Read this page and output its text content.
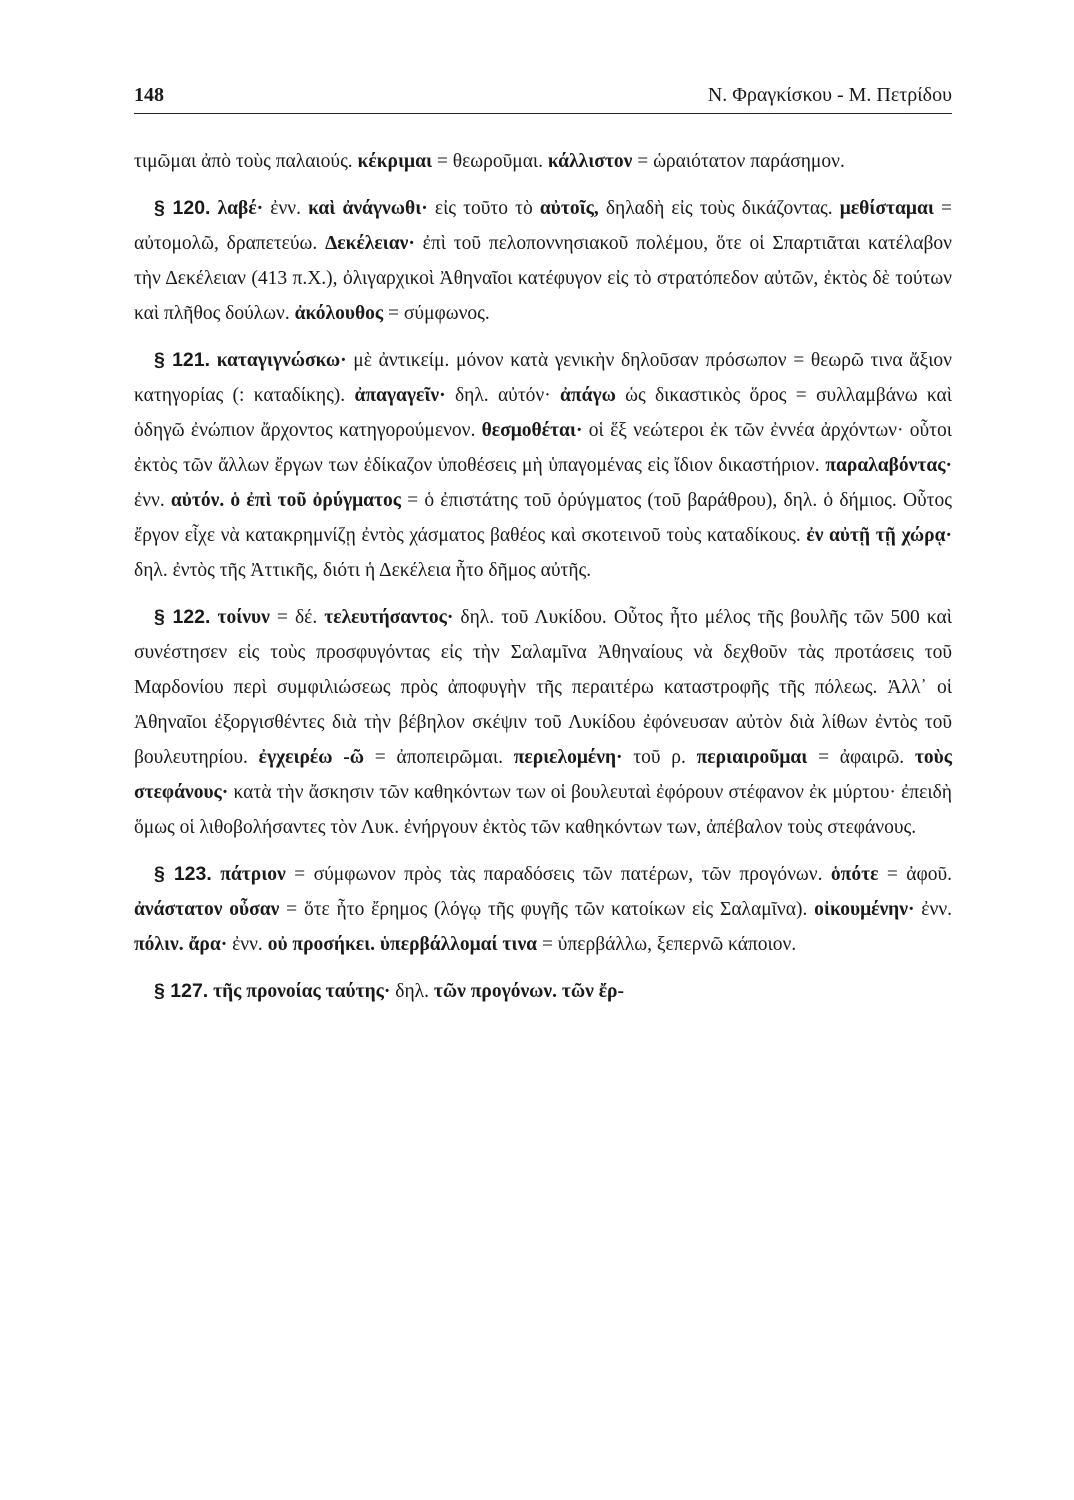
148	Ν. Φραγκίσκου - Μ. Πετρίδου

τιμῶμαι ἀπὸ τοὺς παλαιούς. κέκριμαι = θεωροῦμαι. κάλλιστον = ὡραιότατον παράσημον.

§ 120. λαβέ· ἐνν. καὶ ἀνάγνωθι· εἰς τοῦτο τὸ αὐτοῖς, δηλαδὴ εἰς τοὺς δικάζοντας. μεθίσταμαι = αὐτομολῶ, δραπετεύω. Δεκέλειαν· ἐπὶ τοῦ πελοποννησιακοῦ πολέμου, ὅτε οἱ Σπαρτιᾶται κατέλαβον τὴν Δεκέλειαν (413 π.Χ.), ὀλιγαρχικοὶ Ἀθηναῖοι κατέφυγον εἰς τὸ στρατόπεδον αὐτῶν, ἐκτὸς δὲ τούτων καὶ πλῆθος δούλων. ἀκόλουθος = σύμφωνος.

§ 121. καταγιγνώσκω· μὲ ἀντικείμ. μόνον κατὰ γενικὴν δηλοῦσαν πρόσωπον = θεωρῶ τινα ἄξιον κατηγορίας (: καταδίκης). ἀπαγαγεῖν· δηλ. αὐτόν· ἀπάγω ὡς δικαστικὸς ὅρος = συλλαμβάνω καὶ ὁδηγῶ ἐνώπιον ἄρχοντος κατηγορούμενον. θεσμοθέται· οἱ ἕξ νεώτεροι ἐκ τῶν ἐννέα ἀρχόντων· οὗτοι ἐκτὸς τῶν ἄλλων ἔργων των ἐδίκαζον ὑποθέσεις μὴ ὑπαγομένας εἰς ἴδιον δικαστήριον. παραλαβόντας· ἐνν. αὐτόν. ὁ ἐπὶ τοῦ ὀρύγματος = ὁ ἐπιστάτης τοῦ ὀρύγματος (τοῦ βαράθρου), δηλ. ὁ δήμιος. Οὗτος ἔργον εἶχε νὰ κατακρημνίζῃ ἐντὸς χάσματος βαθέος καὶ σκοτεινοῦ τοὺς καταδίκους. ἐν αὐτῇ τῇ χώρᾳ· δηλ. ἐντὸς τῆς Ἀττικῆς, διότι ἡ Δεκέλεια ἦτο δῆμος αὐτῆς.

§ 122. τοίνυν = δέ. τελευτήσαντος· δηλ. τοῦ Λυκίδου. Οὗτος ἦτο μέλος τῆς βουλῆς τῶν 500 καὶ συνέστησεν εἰς τοὺς προσφυγόντας εἰς τὴν Σαλαμῖνα Ἀθηναίους νὰ δεχθοῦν τὰς προτάσεις τοῦ Μαρδονίου περὶ συμφιλιώσεως πρὸς ἀποφυγὴν τῆς περαιτέρω καταστροφῆς τῆς πόλεως. Ἀλλ᾽ οἱ Ἀθηναῖοι ἐξοργισθέντες διὰ τὴν βέβηλον σκέψιν τοῦ Λυκίδου ἐφόνευσαν αὐτὸν διὰ λίθων ἐντὸς τοῦ βουλευτηρίου. ἐγχειρέω -ῶ = ἀποπειρῶμαι. περιελομένη· τοῦ ρ. περιαιροῦμαι = ἀφαιρῶ. τοὺς στεφάνους· κατὰ τὴν ἄσκησιν τῶν καθηκόντων των οἱ βουλευταὶ ἐφόρουν στέφανον ἐκ μύρτου· ἐπειδὴ ὅμως οἱ λιθοβολήσαντες τὸν Λυκ. ἐνήργουν ἐκτὸς τῶν καθηκόντων των, ἀπέβαλον τοὺς στεφάνους.

§ 123. πάτριον = σύμφωνον πρὸς τὰς παραδόσεις τῶν πατέρων, τῶν προγόνων. ὁπότε = ἀφοῦ. ἀνάστατον οὖσαν = ὅτε ἦτο ἔρημος (λόγῳ τῆς φυγῆς τῶν κατοίκων εἰς Σαλαμῖνα). οἰκουμένην· ἐνν. πόλιν. ἄρα· ἐνν. οὐ προσήκει. ὑπερβάλλομαί τινα = ὑπερβάλλω, ξεπερνῶ κάποιον.

§ 127. τῆς προνοίας ταύτης· δηλ. τῶν προγόνων. τῶν ἔρ-
